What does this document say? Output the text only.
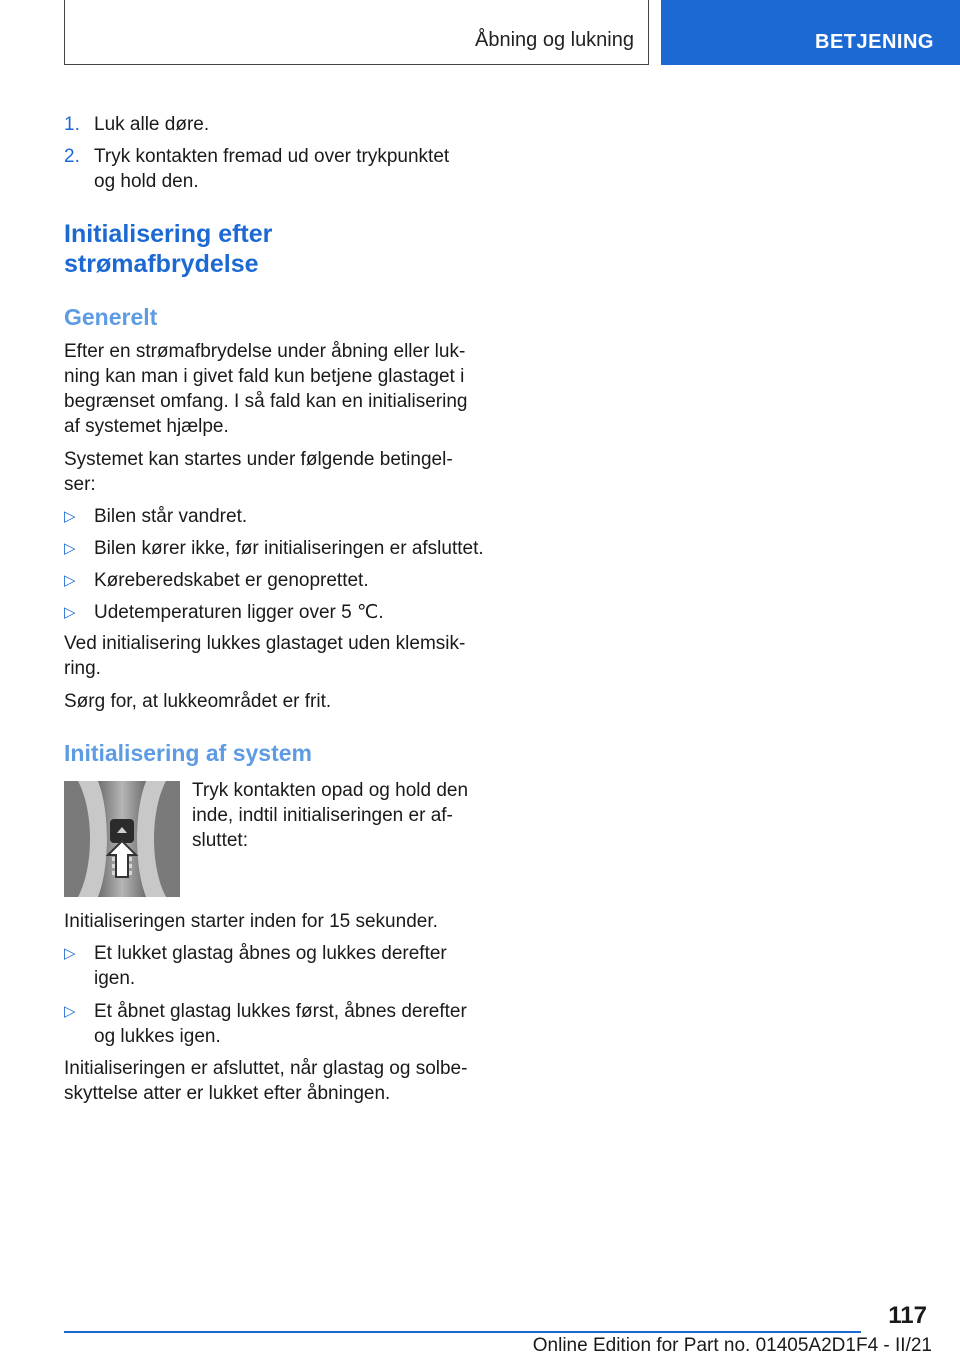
Åbning og lukning	BETJENING
1. Luk alle døre.
2. Tryk kontakten fremad ud over trykpunktet
og hold den.
Initialisering efter
strømafbrydelse
Generelt
Efter en strømafbrydelse under åbning eller luk-
ning kan man i givet fald kun betjene glastaget i
begrænset omfang. I så fald kan en initialisering
af systemet hjælpe.
Systemet kan startes under følgende betingel-
ser:
▷ Bilen står vandret.
▷ Bilen kører ikke, før initialiseringen er afsluttet.
▷ Køreberedskabet er genoprettet.
▷ Udetemperaturen ligger over 5 ℃.
Ved initialisering lukkes glastaget uden klemsik-
ring.
Sørg for, at lukkeområdet er frit.
Initialisering af system
Tryk kontakten opad og hold den
inde, indtil initialiseringen er af-
sluttet:
Initialiseringen starter inden for 15 sekunder.
▷ Et lukket glastag åbnes og lukkes derefter
igen.
▷ Et åbnet glastag lukkes først, åbnes derefter
og lukkes igen.
Initialiseringen er afsluttet, når glastag og solbe-
skyttelse atter er lukket efter åbningen.
117
Online Edition for Part no. 01405A2D1F4 - II/21
